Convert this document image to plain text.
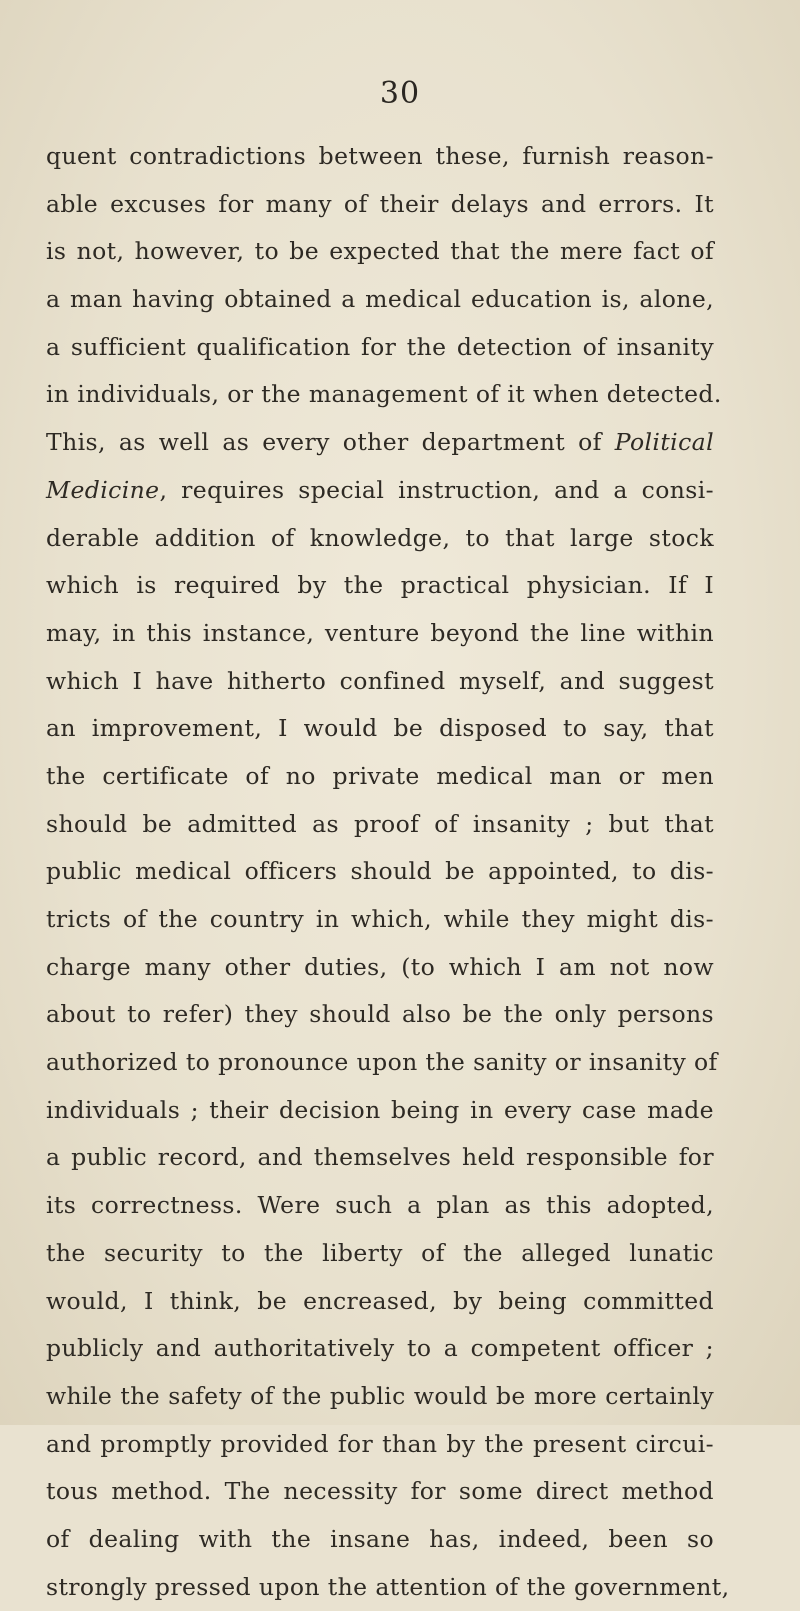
30
quent contradictions between these, furnish reason-
able excuses for many of their delays and errors. It
is not, however, to be expected that the mere fact of
a man having obtained a medical education is, alone,
a sufficient qualification for the detection of insanity
in individuals, or the management of it when detected.
This, as well as every other department of Political
Medicine, requires special instruction, and a consi-
derable addition of knowledge, to that large stock
which is required by the practical physician. If I
may, in this instance, venture beyond the line within
which I have hitherto confined myself, and suggest
an improvement, I would be disposed to say, that
the certificate of no private medical man or men
should be admitted as proof of insanity ; but that
public medical officers should be appointed, to dis-
tricts of the country in which, while they might dis-
charge many other duties, (to which I am not now
about to refer) they should also be the only persons
authorized to pronounce upon the sanity or insanity of
individuals ; their decision being in every case made
a public record, and themselves held responsible for
its correctness. Were such a plan as this adopted,
the security to the liberty of the alleged lunatic
would, I think, be encreased, by being committed
publicly and authoritatively to a competent officer ;
while the safety of the public would be more certainly
and promptly provided for than by the present circui-
tous method. The necessity for some direct method
of dealing with the insane has, indeed, been so
strongly pressed upon the attention of the government,
